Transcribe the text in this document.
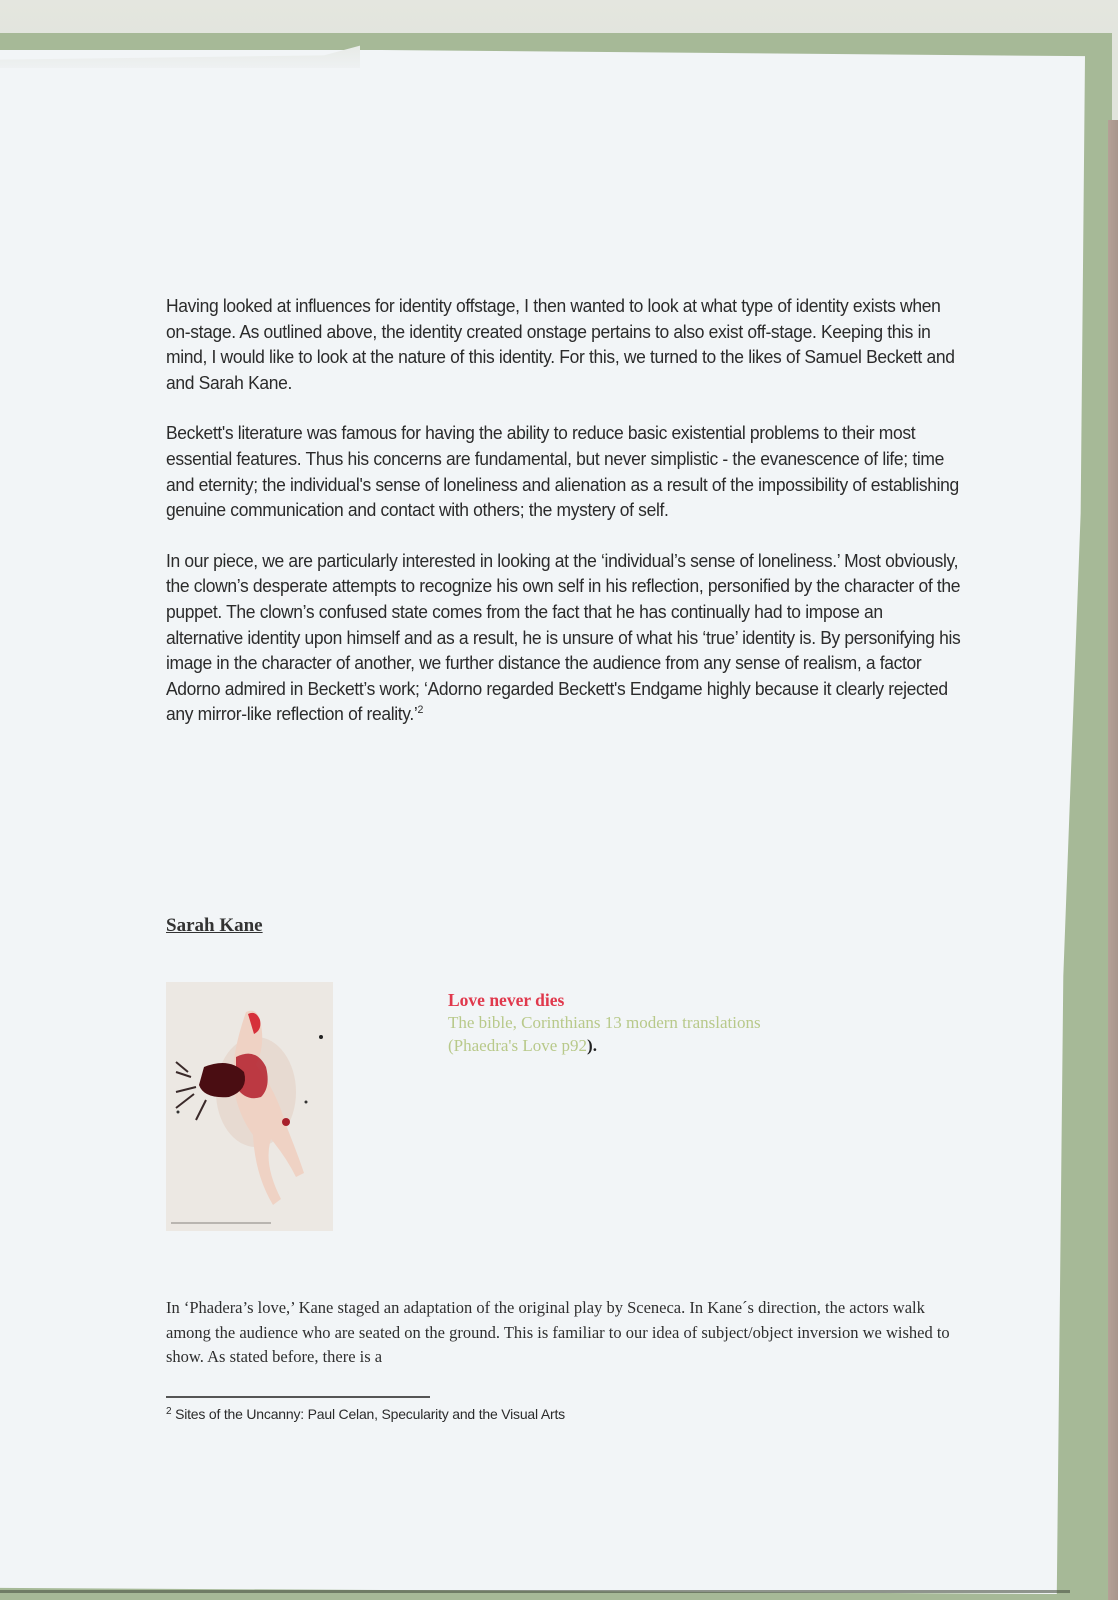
Having looked at influences for identity offstage, I then wanted to look at what type of identity exists when on-stage. As outlined above, the identity created onstage pertains to also exist off-stage. Keeping this in mind, I would like to look at the nature of this identity. For this, we turned to the likes of Samuel Beckett and and Sarah Kane.

Beckett's literature was famous for having the ability to reduce basic existential problems to their most essential features. Thus his concerns are fundamental, but never simplistic - the evanescence of life; time and eternity; the individual's sense of loneliness and alienation as a result of the impossibility of establishing genuine communication and contact with others; the mystery of self.

In our piece, we are particularly interested in looking at the ‘individual’s sense of loneliness.’ Most obviously, the clown’s desperate attempts to recognize his own self in his reflection, personified by the character of the puppet. The clown’s confused state comes from the fact that he has continually had to impose an alternative identity upon himself and as a result, he is unsure of what his ‘true’ identity is. By personifying his image in the character of another, we further distance the audience from any sense of realism, a factor Adorno admired in Beckett’s work; ‘Adorno regarded Beckett's Endgame highly because it clearly rejected any mirror-like reflection of reality.’$^2$

Sarah Kane
Love never dies
The bible, Corinthians 13 modern translations (Phaedra's Love p92).

In ‘Phadera’s love,’ Kane staged an adaptation of the original play by Sceneca. In Kane´s direction, the actors walk among the audience who are seated on the ground. This is familiar to our idea of subject/object inversion we wished to show. As stated before, there is a

$^2$ Sites of the Uncanny: Paul Celan, Specularity and the Visual Arts
